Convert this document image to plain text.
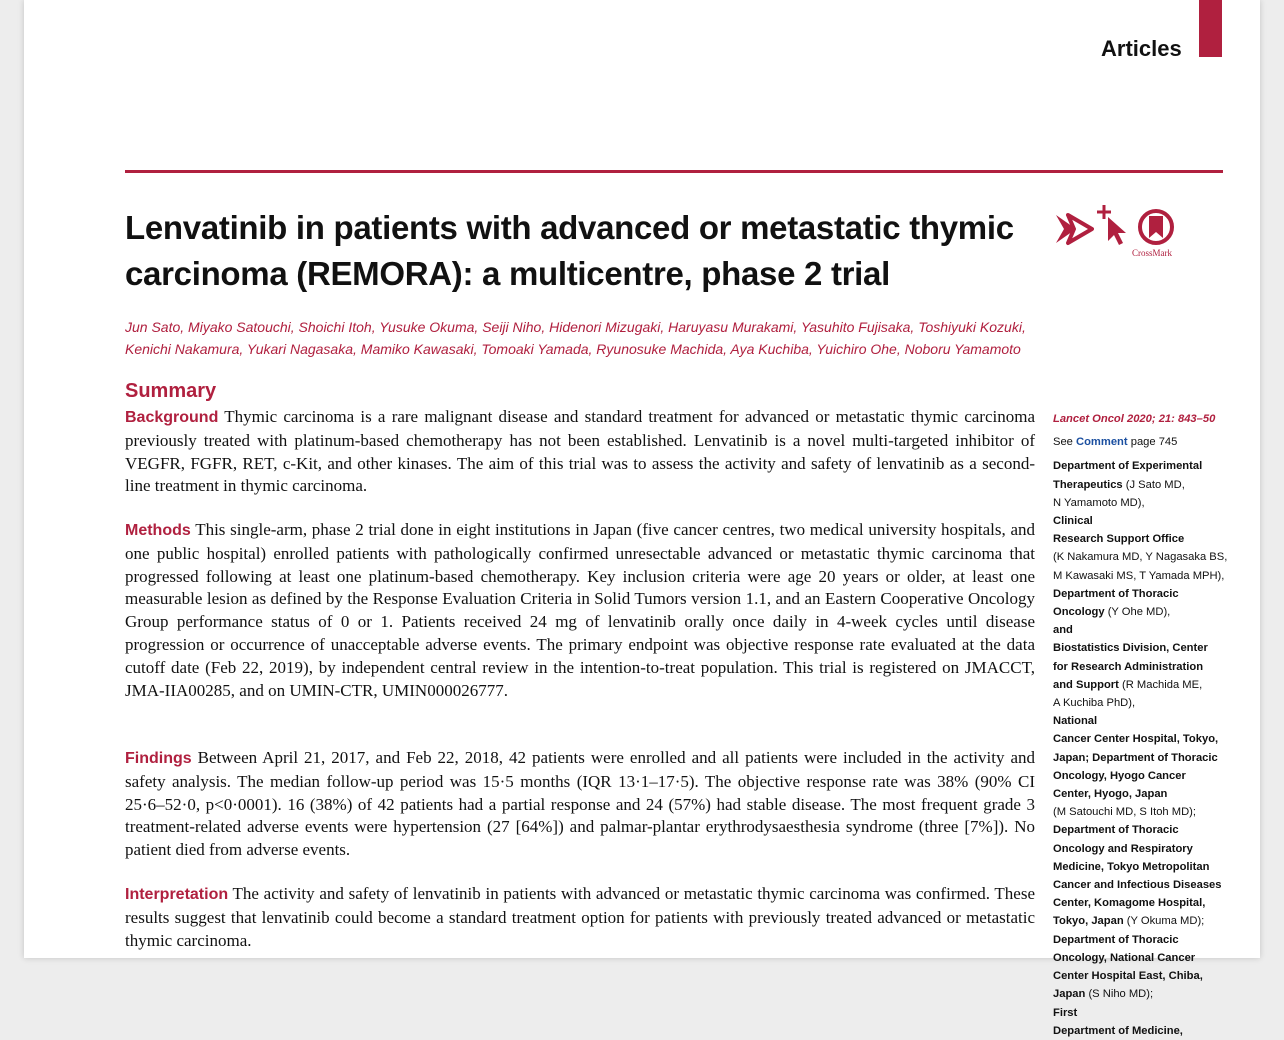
Articles
Lenvatinib in patients with advanced or metastatic thymic
carcinoma (REMORA): a multicentre, phase 2 trial
CrossMark

Jun Sato, Miyako Satouchi, Shoichi Itoh, Yusuke Okuma, Seiji Niho, Hidenori Mizugaki, Haruyasu Murakami, Yasuhito Fujisaka, Toshiyuki Kozuki,
Kenichi Nakamura, Yukari Nagasaka, Mamiko Kawasaki, Tomoaki Yamada, Ryunosuke Machida, Aya Kuchiba, Yuichiro Ohe, Noboru Yamamoto

Summary

Background Thymic carcinoma is a rare malignant disease and standard treatment for advanced or metastatic thymic carcinoma previously treated with platinum-based chemotherapy has not been established. Lenvatinib is a novel multi-targeted inhibitor of VEGFR, FGFR, RET, c-Kit, and other kinases. The aim of this trial was to assess the activity and safety of lenvatinib as a second-line treatment in thymic carcinoma.

Methods This single-arm, phase 2 trial done in eight institutions in Japan (five cancer centres, two medical university hospitals, and one public hospital) enrolled patients with pathologically confirmed unresectable advanced or metastatic thymic carcinoma that progressed following at least one platinum-based chemotherapy. Key inclusion criteria were age 20 years or older, at least one measurable lesion as defined by the Response Evaluation Criteria in Solid Tumors version 1.1, and an Eastern Cooperative Oncology Group performance status of 0 or 1. Patients received 24 mg of lenvatinib orally once daily in 4-week cycles until disease progression or occurrence of unacceptable adverse events. The primary endpoint was objective response rate evaluated at the data cutoff date (Feb 22, 2019), by independent central review in the intention-to-treat population. This trial is registered on JMACCT, JMA-IIA00285, and on UMIN-CTR, UMIN000026777.

Findings Between April 21, 2017, and Feb 22, 2018, 42 patients were enrolled and all patients were included in the activity and safety analysis. The median follow-up period was 15·5 months (IQR 13·1–17·5). The objective response rate was 38% (90% CI 25·6–52·0, p<0·0001). 16 (38%) of 42 patients had a partial response and 24 (57%) had stable disease. The most frequent grade 3 treatment-related adverse events were hypertension (27 [64%]) and palmar-plantar erythrodysaesthesia syndrome (three [7%]). No patient died from adverse events.

Interpretation The activity and safety of lenvatinib in patients with advanced or metastatic thymic carcinoma was confirmed. These results suggest that lenvatinib could become a standard treatment option for patients with previously treated advanced or metastatic thymic carcinoma.

Lancet Oncol 2020; 21: 843–50
See Comment page 745
Department of Experimental
Therapeutics (J Sato MD,
N Yamamoto MD),
Clinical
Research Support Office
(K Nakamura MD, Y Nagasaka BS,
M Kawasaki MS, T Yamada MPH),
Department of Thoracic
Oncology (Y Ohe MD),
and
Biostatistics Division, Center
for Research Administration
and Support (R Machida ME,
A Kuchiba PhD),
National
Cancer Center Hospital, Tokyo,
Japan; Department of Thoracic
Oncology, Hyogo Cancer
Center, Hyogo, Japan
(M Satouchi MD, S Itoh MD);
Department of Thoracic
Oncology and Respiratory
Medicine, Tokyo Metropolitan
Cancer and Infectious Diseases
Center, Komagome Hospital,
Tokyo, Japan (Y Okuma MD);
Department of Thoracic
Oncology, National Cancer
Center Hospital East, Chiba,
Japan (S Niho MD);
First
Department of Medicine,
